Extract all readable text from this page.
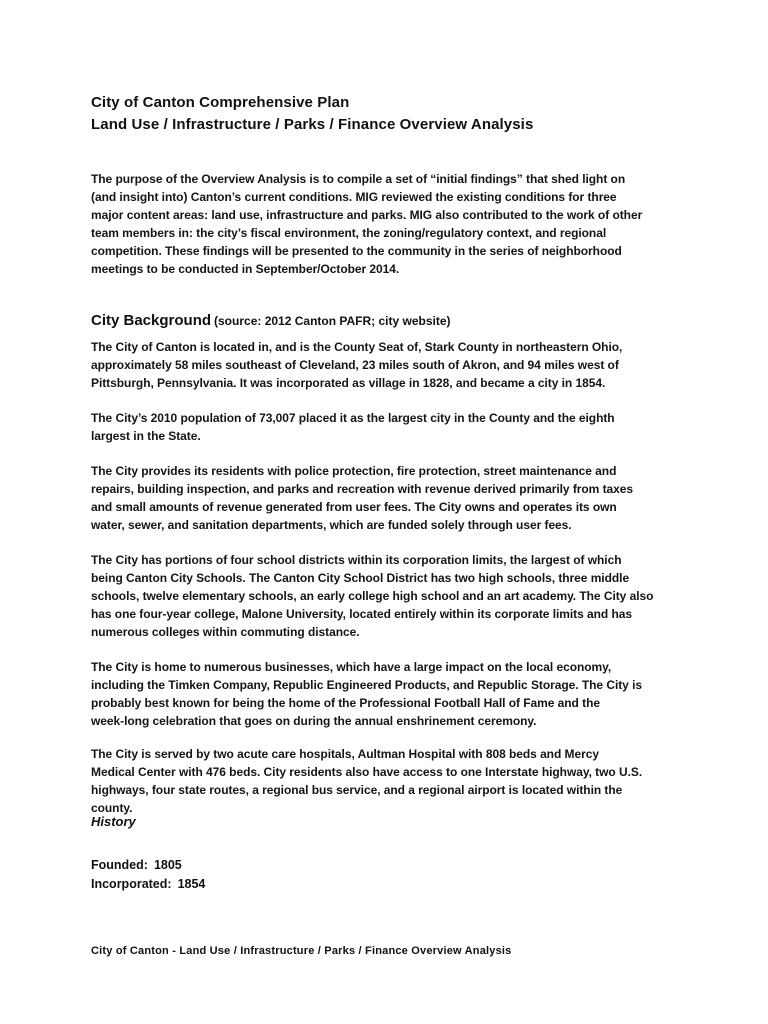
City of Canton Comprehensive Plan
Land Use / Infrastructure / Parks / Finance Overview Analysis

The purpose of the Overview Analysis is to compile a set of “initial findings” that shed light on
(and insight into) Canton’s current conditions. MIG reviewed the existing conditions for three
major content areas: land use, infrastructure and parks. MIG also contributed to the work of other
team members in: the city’s fiscal environment, the zoning/regulatory context, and regional
competition. These findings will be presented to the community in the series of neighborhood
meetings to be conducted in September/October 2014.

City Background (source: 2012 Canton PAFR; city website)

The City of Canton is located in, and is the County Seat of, Stark County in northeastern Ohio,
approximately 58 miles southeast of Cleveland, 23 miles south of Akron, and 94 miles west of
Pittsburgh, Pennsylvania. It was incorporated as village in 1828, and became a city in 1854.

The City’s 2010 population of 73,007 placed it as the largest city in the County and the eighth
largest in the State.

The City provides its residents with police protection, fire protection, street maintenance and
repairs, building inspection, and parks and recreation with revenue derived primarily from taxes
and small amounts of revenue generated from user fees. The City owns and operates its own
water, sewer, and sanitation departments, which are funded solely through user fees.

The City has portions of four school districts within its corporation limits, the largest of which
being Canton City Schools. The Canton City School District has two high schools, three middle
schools, twelve elementary schools, an early college high school and an art academy. The City also
has one four-year college, Malone University, located entirely within its corporate limits and has
numerous colleges within commuting distance.

The City is home to numerous businesses, which have a large impact on the local economy,
including the Timken Company, Republic Engineered Products, and Republic Storage. The City is
probably best known for being the home of the Professional Football Hall of Fame and the
week-long celebration that goes on during the annual enshrinement ceremony.

The City is served by two acute care hospitals, Aultman Hospital with 808 beds and Mercy
Medical Center with 476 beds. City residents also have access to one Interstate highway, two U.S.
highways, four state routes, a regional bus service, and a regional airport is located within the
county.

History
Founded: 1805
Incorporated: 1854
City of Canton - Land Use / Infrastructure / Parks / Finance Overview Analysis
